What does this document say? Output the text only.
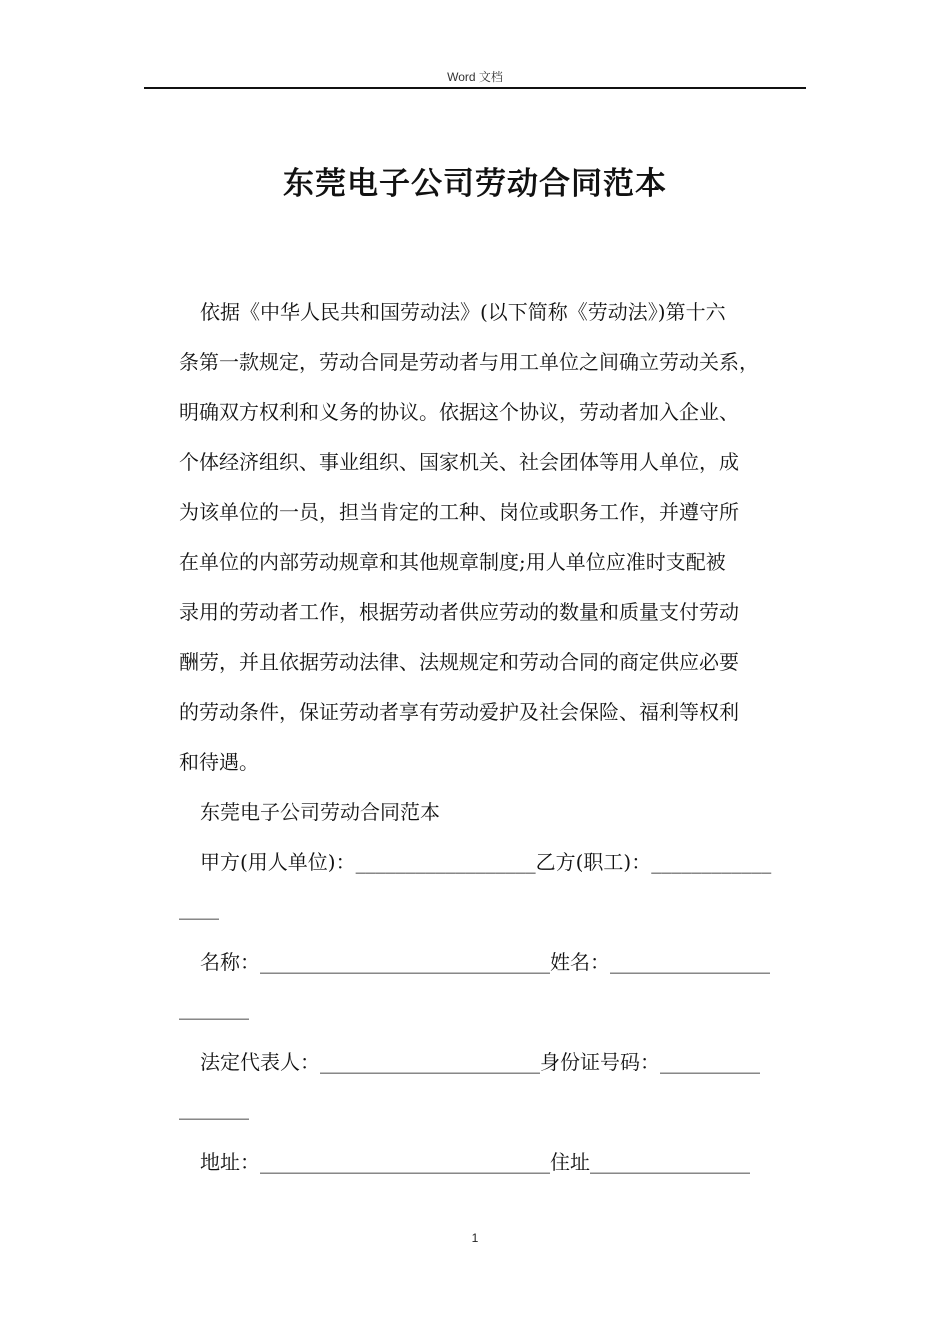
Word 文档
东莞电子公司劳动合同范本
依据《中华人民共和国劳动法》(以下简称《劳动法》)第十六
条第一款规定，劳动合同是劳动者与用工单位之间确立劳动关系，
明确双方权利和义务的协议。依据这个协议，劳动者加入企业、
个体经济组织、事业组织、国家机关、社会团体等用人单位，成
为该单位的一员，担当肯定的工种、岗位或职务工作，并遵守所
在单位的内部劳动规章和其他规章制度;用人单位应准时支配被
录用的劳动者工作，根据劳动者供应劳动的数量和质量支付劳动
酬劳，并且依据劳动法律、法规规定和劳动合同的商定供应必要
的劳动条件，保证劳动者享有劳动爱护及社会保险、福利等权利
和待遇。
东莞电子公司劳动合同范本
甲方(用人单位)：__________________乙方(职工)：____________
____
名称：_____________________________姓名：________________
_______
法定代表人：______________________身份证号码：__________
_______
地址：_____________________________住址________________
1
